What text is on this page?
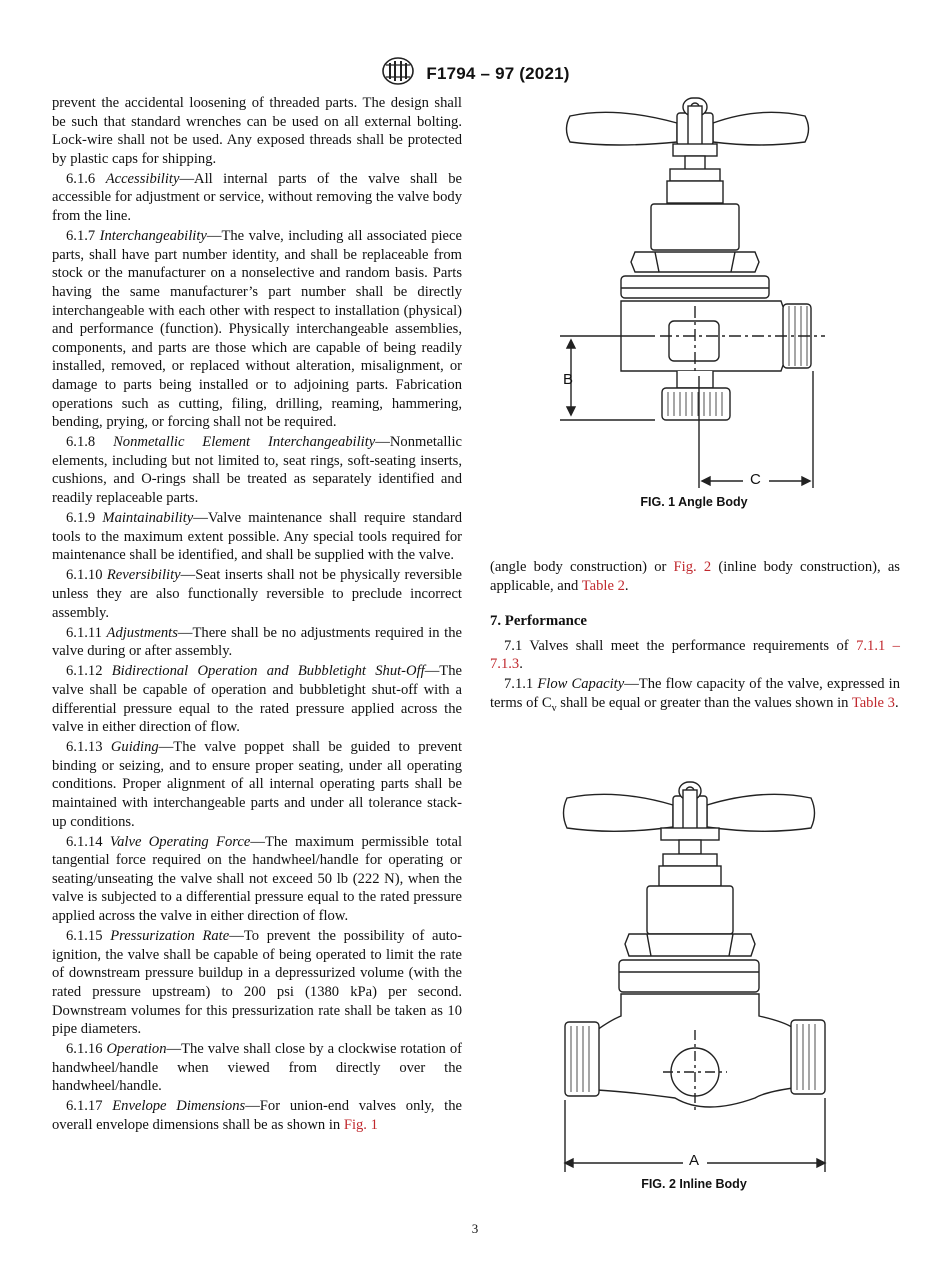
F1794 – 97 (2021)

prevent the accidental loosening of threaded parts. The design shall be such that standard wrenches can be used on all external bolting. Lock-wire shall not be used. Any exposed threads shall be protected by plastic caps for shipping.

6.1.6 Accessibility—All internal parts of the valve shall be accessible for adjustment or service, without removing the valve body from the line.

6.1.7 Interchangeability—The valve, including all associated piece parts, shall have part number identity, and shall be replaceable from stock or the manufacturer on a nonselective and random basis. Parts having the same manufacturer’s part number shall be directly interchangeable with each other with respect to installation (physical) and performance (function). Physically interchangeable assemblies, components, and parts are those which are capable of being readily installed, removed, or replaced without alteration, misalignment, or damage to parts being installed or to adjoining parts. Fabrication operations such as cutting, filing, drilling, reaming, hammering, bending, prying, or forcing shall not be required.

6.1.8 Nonmetallic Element Interchangeability—Nonmetallic elements, including but not limited to, seat rings, soft-seating inserts, cushions, and O-rings shall be treated as separately identified and readily replaceable parts.

6.1.9 Maintainability—Valve maintenance shall require standard tools to the maximum extent possible. Any special tools required for maintenance shall be identified, and shall be supplied with the valve.

6.1.10 Reversibility—Seat inserts shall not be physically reversible unless they are also functionally reversible to preclude incorrect assembly.

6.1.11 Adjustments—There shall be no adjustments required in the valve during or after assembly.

6.1.12 Bidirectional Operation and Bubbletight Shut-Off—The valve shall be capable of operation and bubbletight shut-off with a differential pressure equal to the rated pressure applied across the valve in either direction of flow.

6.1.13 Guiding—The valve poppet shall be guided to prevent binding or seizing, and to ensure proper seating, under all operating conditions. Proper alignment of all internal operating parts shall be maintained with interchangeable parts and under all tolerance stack-up conditions.

6.1.14 Valve Operating Force—The maximum permissible total tangential force required on the handwheel/handle for operating or seating/unseating the valve shall not exceed 50 lb (222 N), when the valve is subjected to a differential pressure equal to the rated pressure applied across the valve in either direction of flow.

6.1.15 Pressurization Rate—To prevent the possibility of auto-ignition, the valve shall be capable of being operated to limit the rate of downstream pressure buildup in a depressurized volume (with the rated pressure upstream) to 200 psi (1380 kPa) per second. Downstream volumes for this pressurization rate shall be taken as 10 pipe diameters.

6.1.16 Operation—The valve shall close by a clockwise rotation of handwheel/handle when viewed from directly over the handwheel/handle.

6.1.17 Envelope Dimensions—For union-end valves only, the overall envelope dimensions shall be as shown in Fig. 1

B
C
FIG. 1 Angle Body

(angle body construction) or Fig. 2 (inline body construction), as applicable, and Table 2.

7. Performance

7.1 Valves shall meet the performance requirements of 7.1.1 – 7.1.3.

7.1.1 Flow Capacity—The flow capacity of the valve, expressed in terms of $C_v$ shall be equal or greater than the values shown in Table 3.

A
FIG. 2 Inline Body
3
